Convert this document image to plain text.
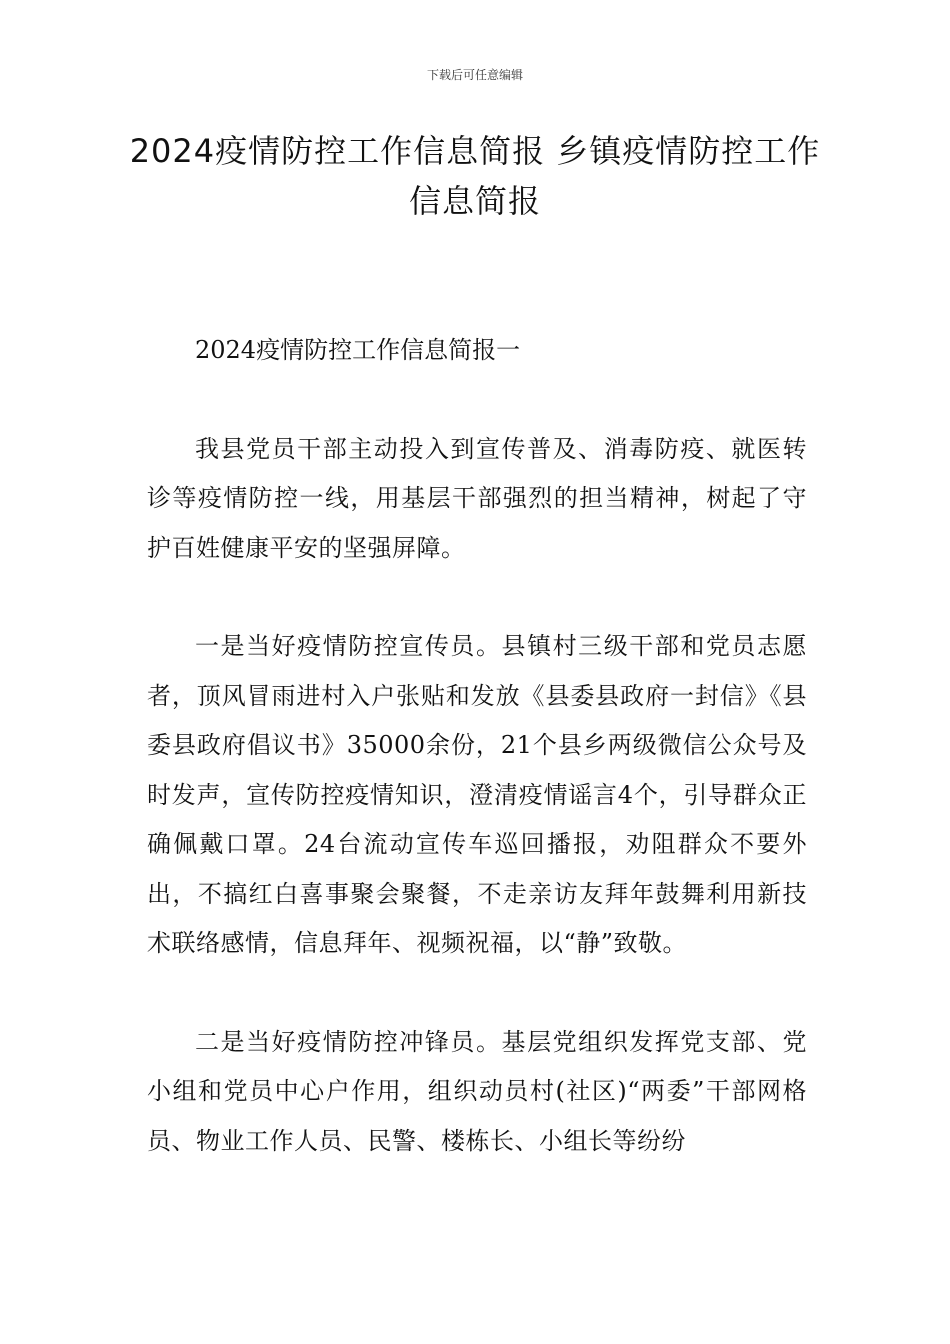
下载后可任意编辑
2024疫情防控工作信息简报 乡镇疫情防控工作信息简报

2024疫情防控工作信息简报一

我县党员干部主动投入到宣传普及、消毒防疫、就医转诊等疫情防控一线，用基层干部强烈的担当精神，树起了守护百姓健康平安的坚强屏障。

一是当好疫情防控宣传员。县镇村三级干部和党员志愿者，顶风冒雨进村入户张贴和发放《县委县政府一封信》《县委县政府倡议书》35000余份，21个县乡两级微信公众号及时发声，宣传防控疫情知识，澄清疫情谣言4个，引导群众正确佩戴口罩。24台流动宣传车巡回播报，劝阻群众不要外出，不搞红白喜事聚会聚餐，不走亲访友拜年鼓舞利用新技术联络感情，信息拜年、视频祝福，以“静”致敬。

二是当好疫情防控冲锋员。基层党组织发挥党支部、党小组和党员中心户作用，组织动员村(社区)“两委”干部网格员、物业工作人员、民警、楼栋长、小组长等纷纷
